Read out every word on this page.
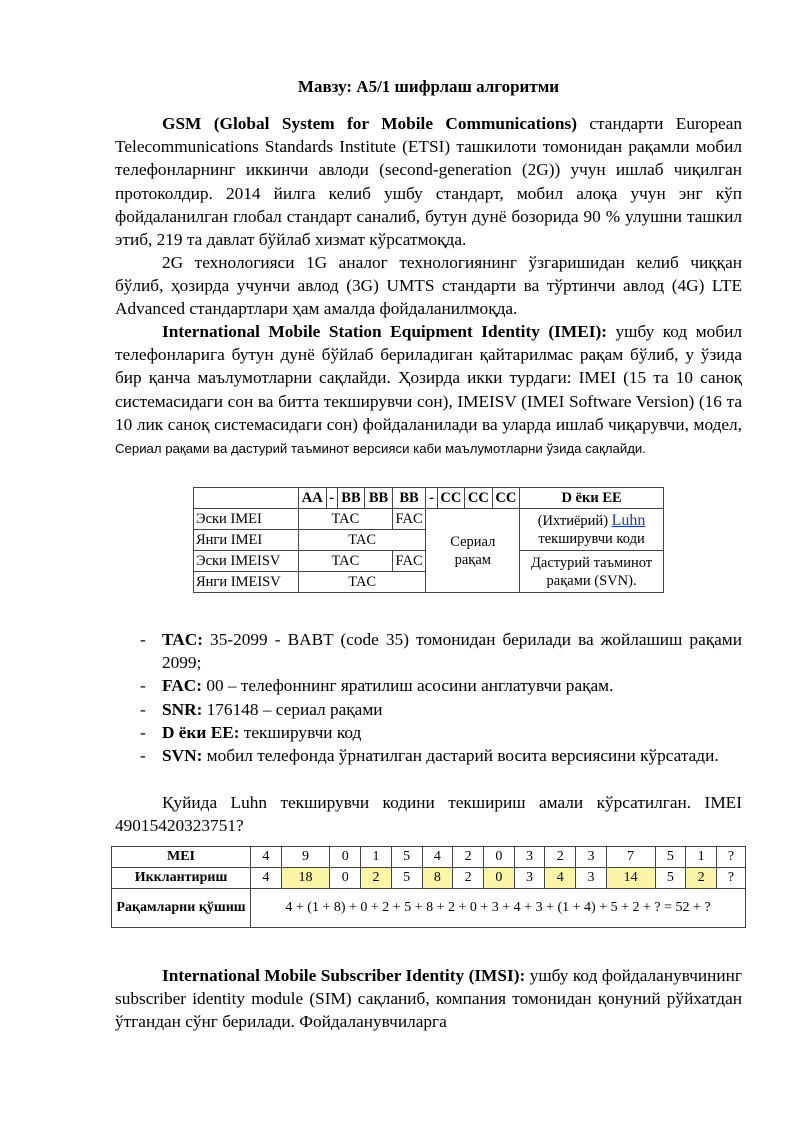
Мавзу: A5/1 шифрлаш алгоритми

GSM (Global System for Mobile Communications) стандарти European Telecommunications Standards Institute (ETSI) ташкилоти томонидан рақамли мобил телефонларнинг иккинчи авлоди (second-generation (2G)) учун ишлаб чиқилган протоколдир. 2014 йилга келиб ушбу стандарт, мобил алоқа учун энг кўп фойдаланилган глобал стандарт саналиб, бутун дунё бозорида 90 % улушни ташкил этиб, 219 та давлат бўйлаб хизмат кўрсатмоқда.

2G технологияси 1G аналог технологиянинг ўзгаришидан келиб чиққан бўлиб, ҳозирда учунчи авлод (3G) UMTS стандарти ва тўртинчи авлод (4G) LTE Advanced стандартлари ҳам амалда фойдаланилмоқда.

International Mobile Station Equipment Identity (IMEI): ушбу код мобил телефонларига бутун дунё бўйлаб бериладиган қайтарилмас рақам бўлиб, у ўзида бир қанча маълумотларни сақлайди. Ҳозирда икки турдаги: IMEI (15 та 10 саноқ системасидаги сон ва битта текширувчи сон), IMEISV (IMEI Software Version) (16 та 10 лик саноқ системасидаги сон) фойдаланилади ва уларда ишлаб чиқарувчи, модел, Сериал рақами ва дастурий таъминот версияси каби маълумотларни ўзида сақлайди.

	AA	-	BB	BB	BB	-	CC	CC	CC	D ёки EE
Эски IMEI	TAC				FAC	Сериал рақам				(Ихтиёрий) Luhn
текширувчи коди
Янги IMEI	TAC									
Эски IMEISV	TAC				FAC					Дастурий таъминот рақами (SVN).
Янги IMEISV	TAC									
- TAC: 35-2099 - BABT (code 35) томонидан берилади ва жойлашиш рақами 2099;
- FAC: 00 – телефоннинг яратилиш асосини англатувчи рақам.
- SNR: 176148 – сериал рақами
- D ёки EE: текширувчи код
- SVN: мобил телефонда ўрнатилган дастарий восита версиясини кўрсатади.

Қуйида Luhn текширувчи кодини текшириш амали кўрсатилган. IMEI 49015420323751?

MEI	4	9	0	1	5	4	2	0	3	2	3	7	5	1	?
Икклантириш	4	18	0	2	5	8	2	0	3	4	3	14	5	2	?
Рақамларни қўшиш	4 + (1 + 8) + 0 + 2 + 5 + 8 + 2 + 0 + 3 + 4 + 3 + (1 + 4) + 5 + 2 + ? = 52 + ?														

International Mobile Subscriber Identity (IMSI): ушбу код фойдаланувчининг subscriber identity module (SIM) сақланиб, компания томонидан қонуний рўйхатдан ўтгандан сўнг берилади. Фойдаланувчиларга
